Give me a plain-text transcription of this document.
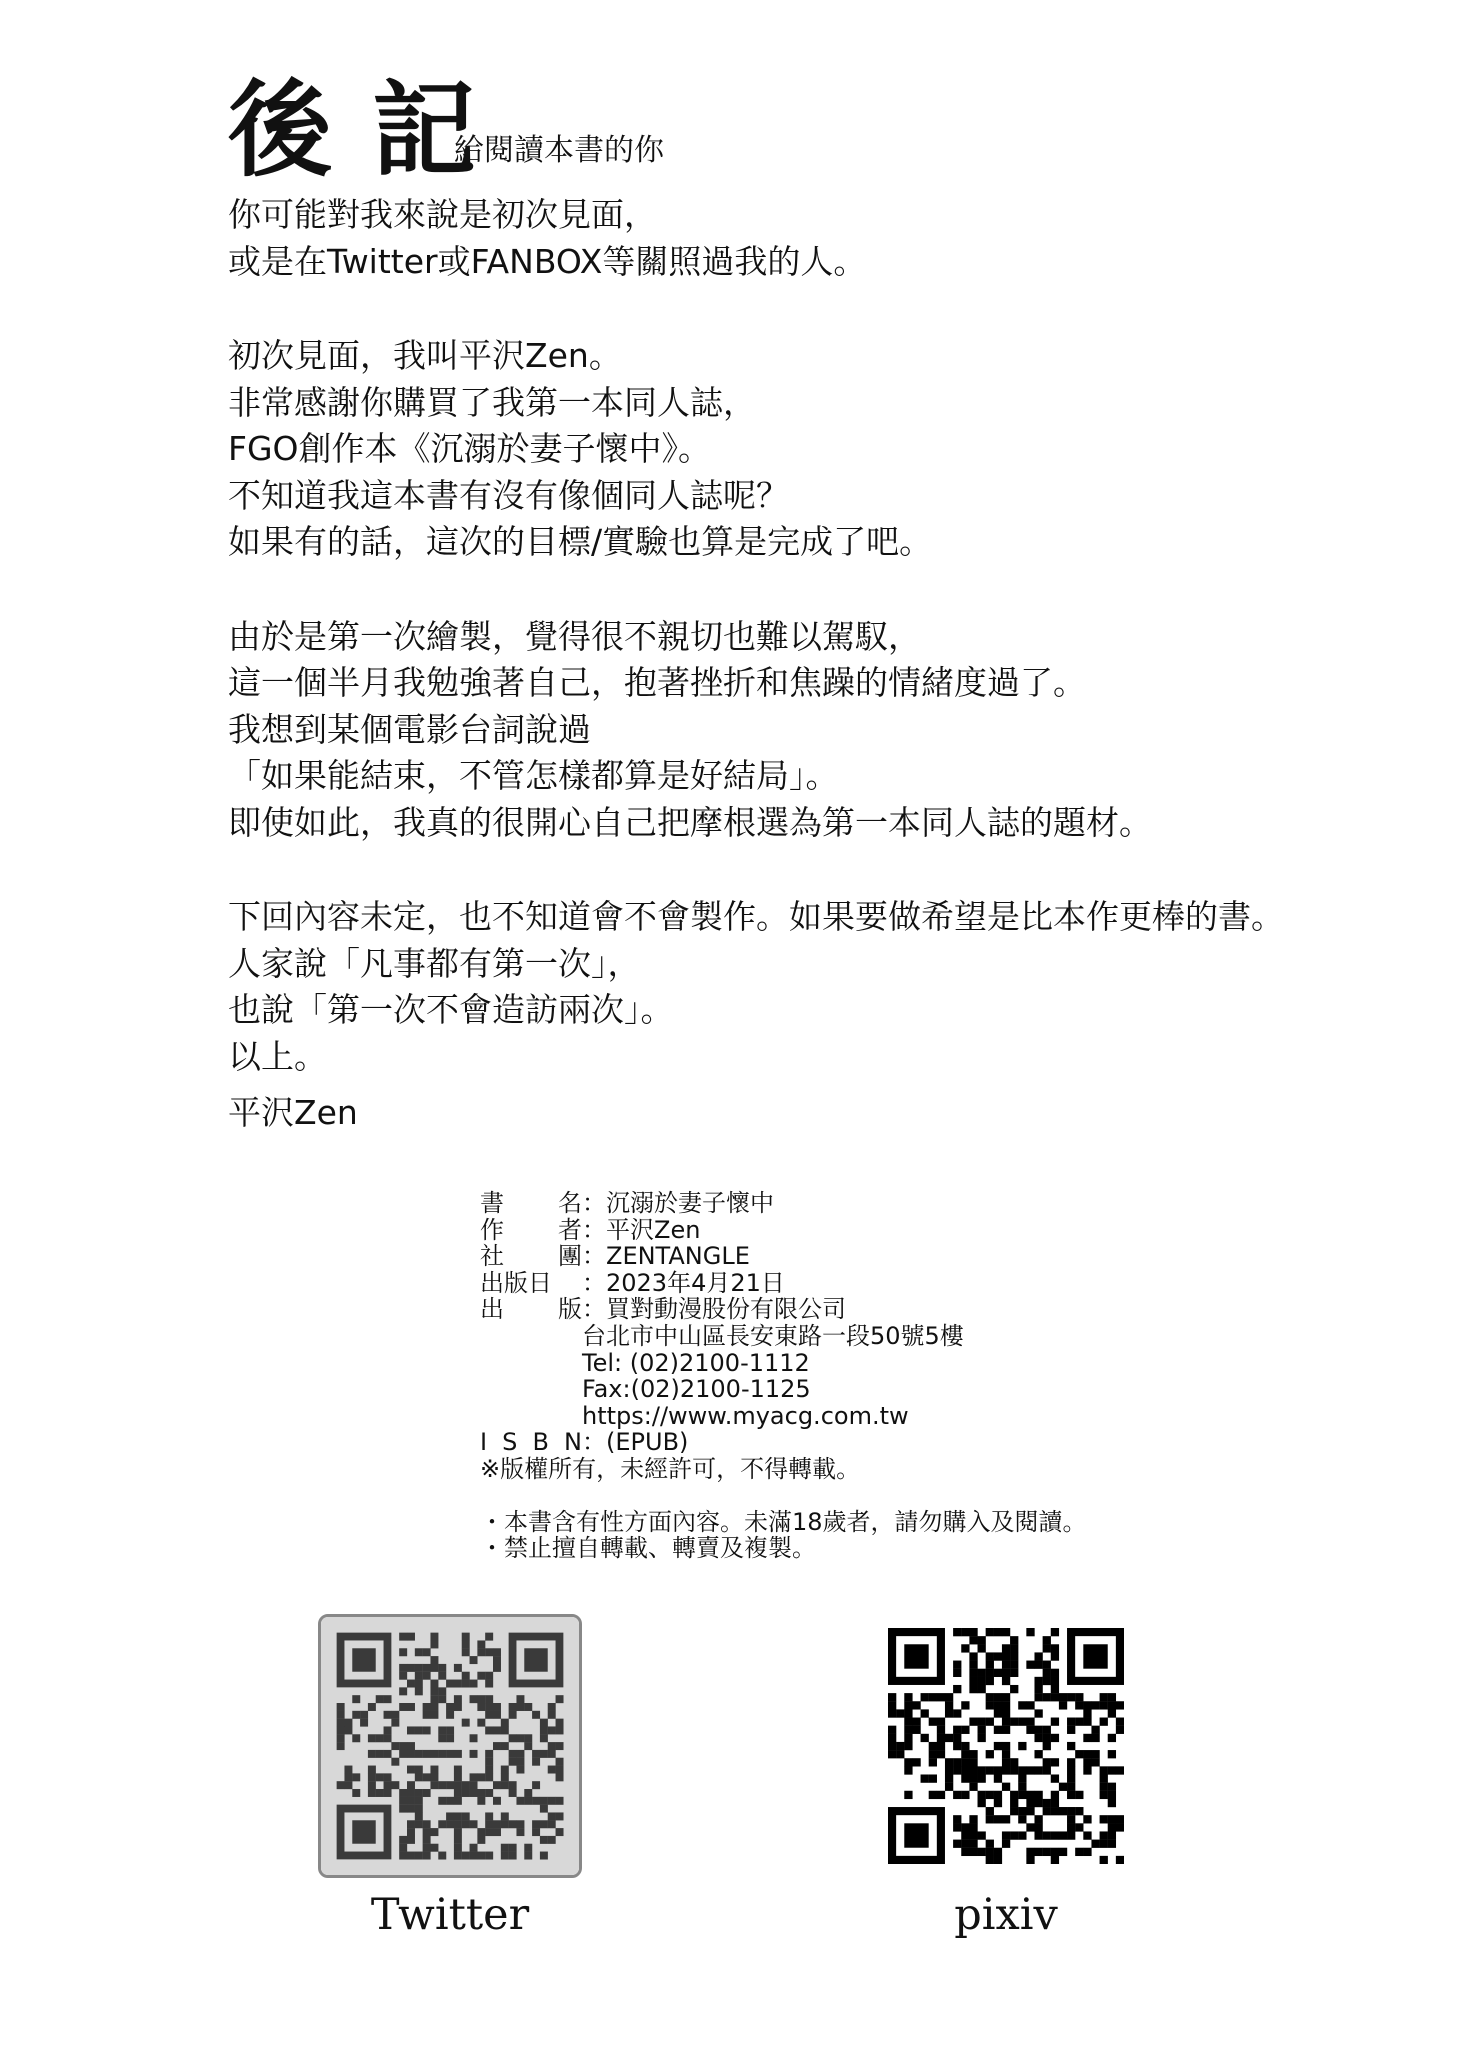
後記
給閱讀本書的你

你可能對我來說是初次見面，
或是在Twitter或FANBOX等關照過我的人。

初次見面，我叫平沢Zen。
非常感謝你購買了我第一本同人誌，
FGO創作本《沉溺於妻子懷中》。
不知道我這本書有沒有像個同人誌呢？
如果有的話，這次的目標/實驗也算是完成了吧。

由於是第一次繪製，覺得很不親切也難以駕馭，
這一個半月我勉強著自己，抱著挫折和焦躁的情緒度過了。
我想到某個電影台詞說過
「如果能結束，不管怎樣都算是好結局」。
即使如此，我真的很開心自己把摩根選為第一本同人誌的題材。

下回內容未定，也不知道會不會製作。如果要做希望是比本作更棒的書。
人家說「凡事都有第一次」，
也說「第一次不會造訪兩次」。
以上。

平沢Zen
書 名 ： 沉溺於妻子懷中
作 者 ： 平沢Zen
社 團 ： ZENTANGLE
出版日 ： 2023年4月21日
出 版 ： 買對動漫股份有限公司
台北市中山區長安東路一段50號5樓
Tel: (02)2100-1112
Fax:(02)2100-1125
https://www.myacg.com.tw
I S B N ： (EPUB)
※版權所有，未經許可，不得轉載。
・本書含有性方面內容。未滿18歲者，請勿購入及閱讀。
・禁止擅自轉載、轉賣及複製。
Twitter	pixiv
